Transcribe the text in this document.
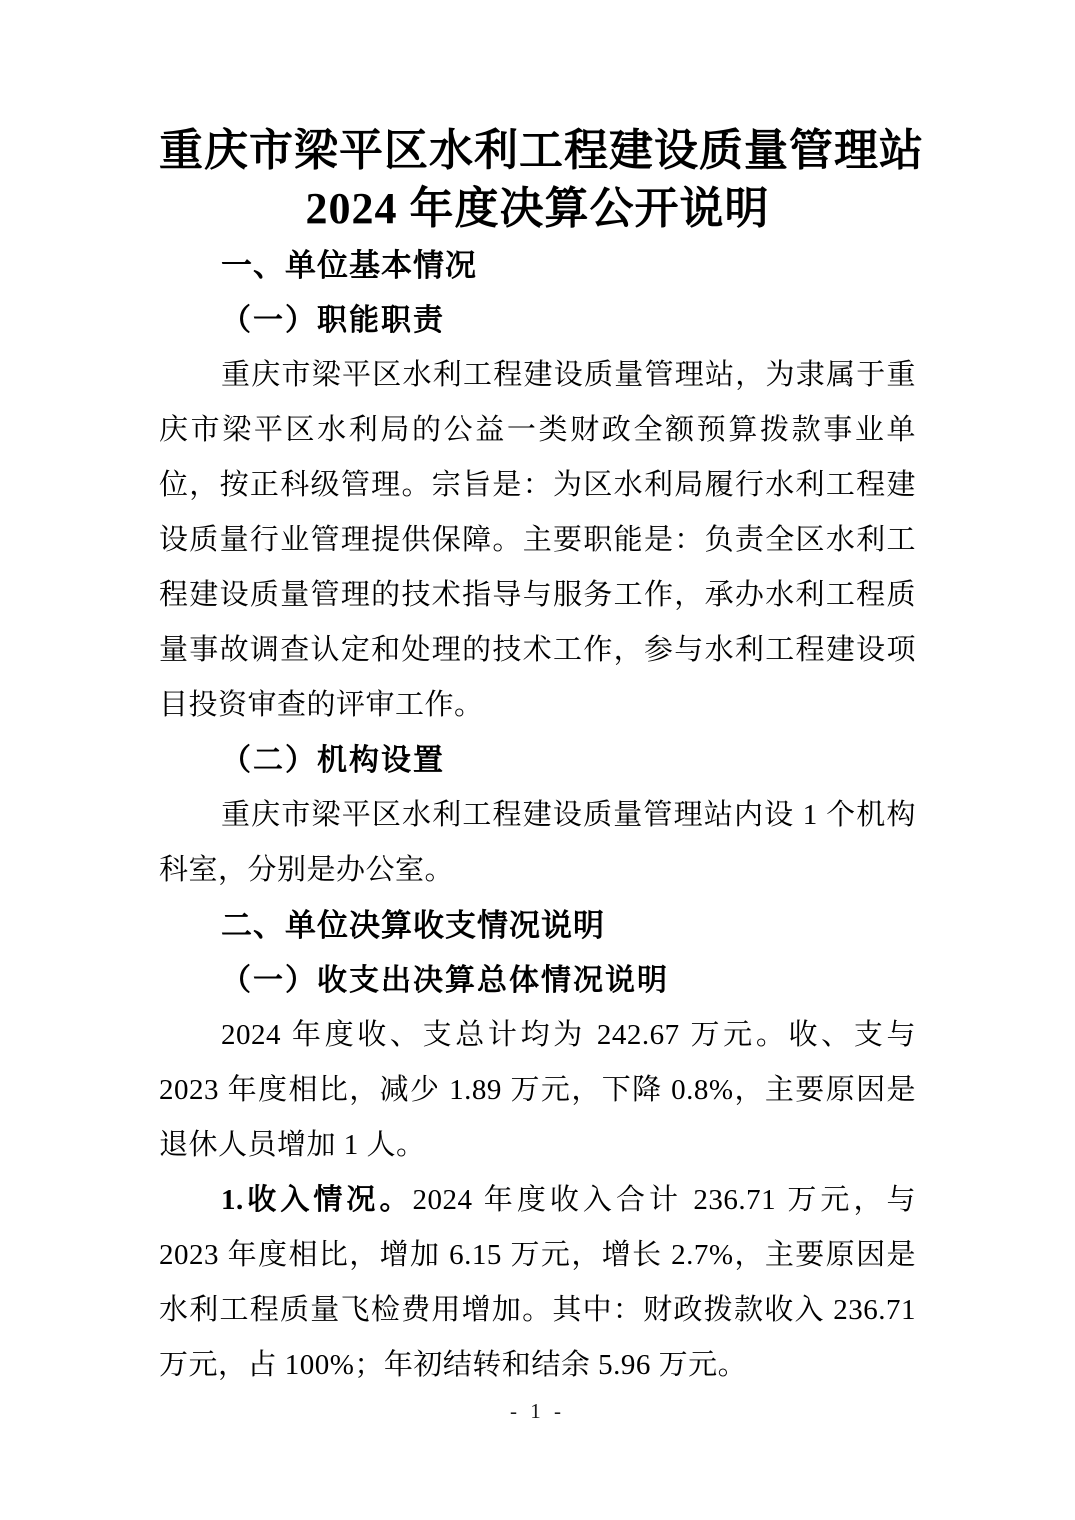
重庆市梁平区水利工程建设质量管理站
2024 年度决算公开说明
一、单位基本情况
（一）职能职责

重庆市梁平区水利工程建设质量管理站，为隶属于重庆市梁平区水利局的公益一类财政全额预算拨款事业单位，按正科级管理。宗旨是：为区水利局履行水利工程建设质量行业管理提供保障。主要职能是：负责全区水利工程建设质量管理的技术指导与服务工作，承办水利工程质量事故调查认定和处理的技术工作，参与水利工程建设项目投资审查的评审工作。

（二）机构设置

重庆市梁平区水利工程建设质量管理站内设 1 个机构科室，分别是办公室。

二、单位决算收支情况说明
（一）收支出决算总体情况说明

2024 年度收、支总计均为 242.67 万元。收、支与 2023 年度相比，减少 1.89 万元，下降 0.8%，主要原因是退休人员增加 1 人。

1.收入情况。2024 年度收入合计 236.71 万元，与 2023 年度相比，增加 6.15 万元，增长 2.7%，主要原因是水利工程质量飞检费用增加。其中：财政拨款收入 236.71 万元，占 100%；年初结转和结余 5.96 万元。

- 1 -
